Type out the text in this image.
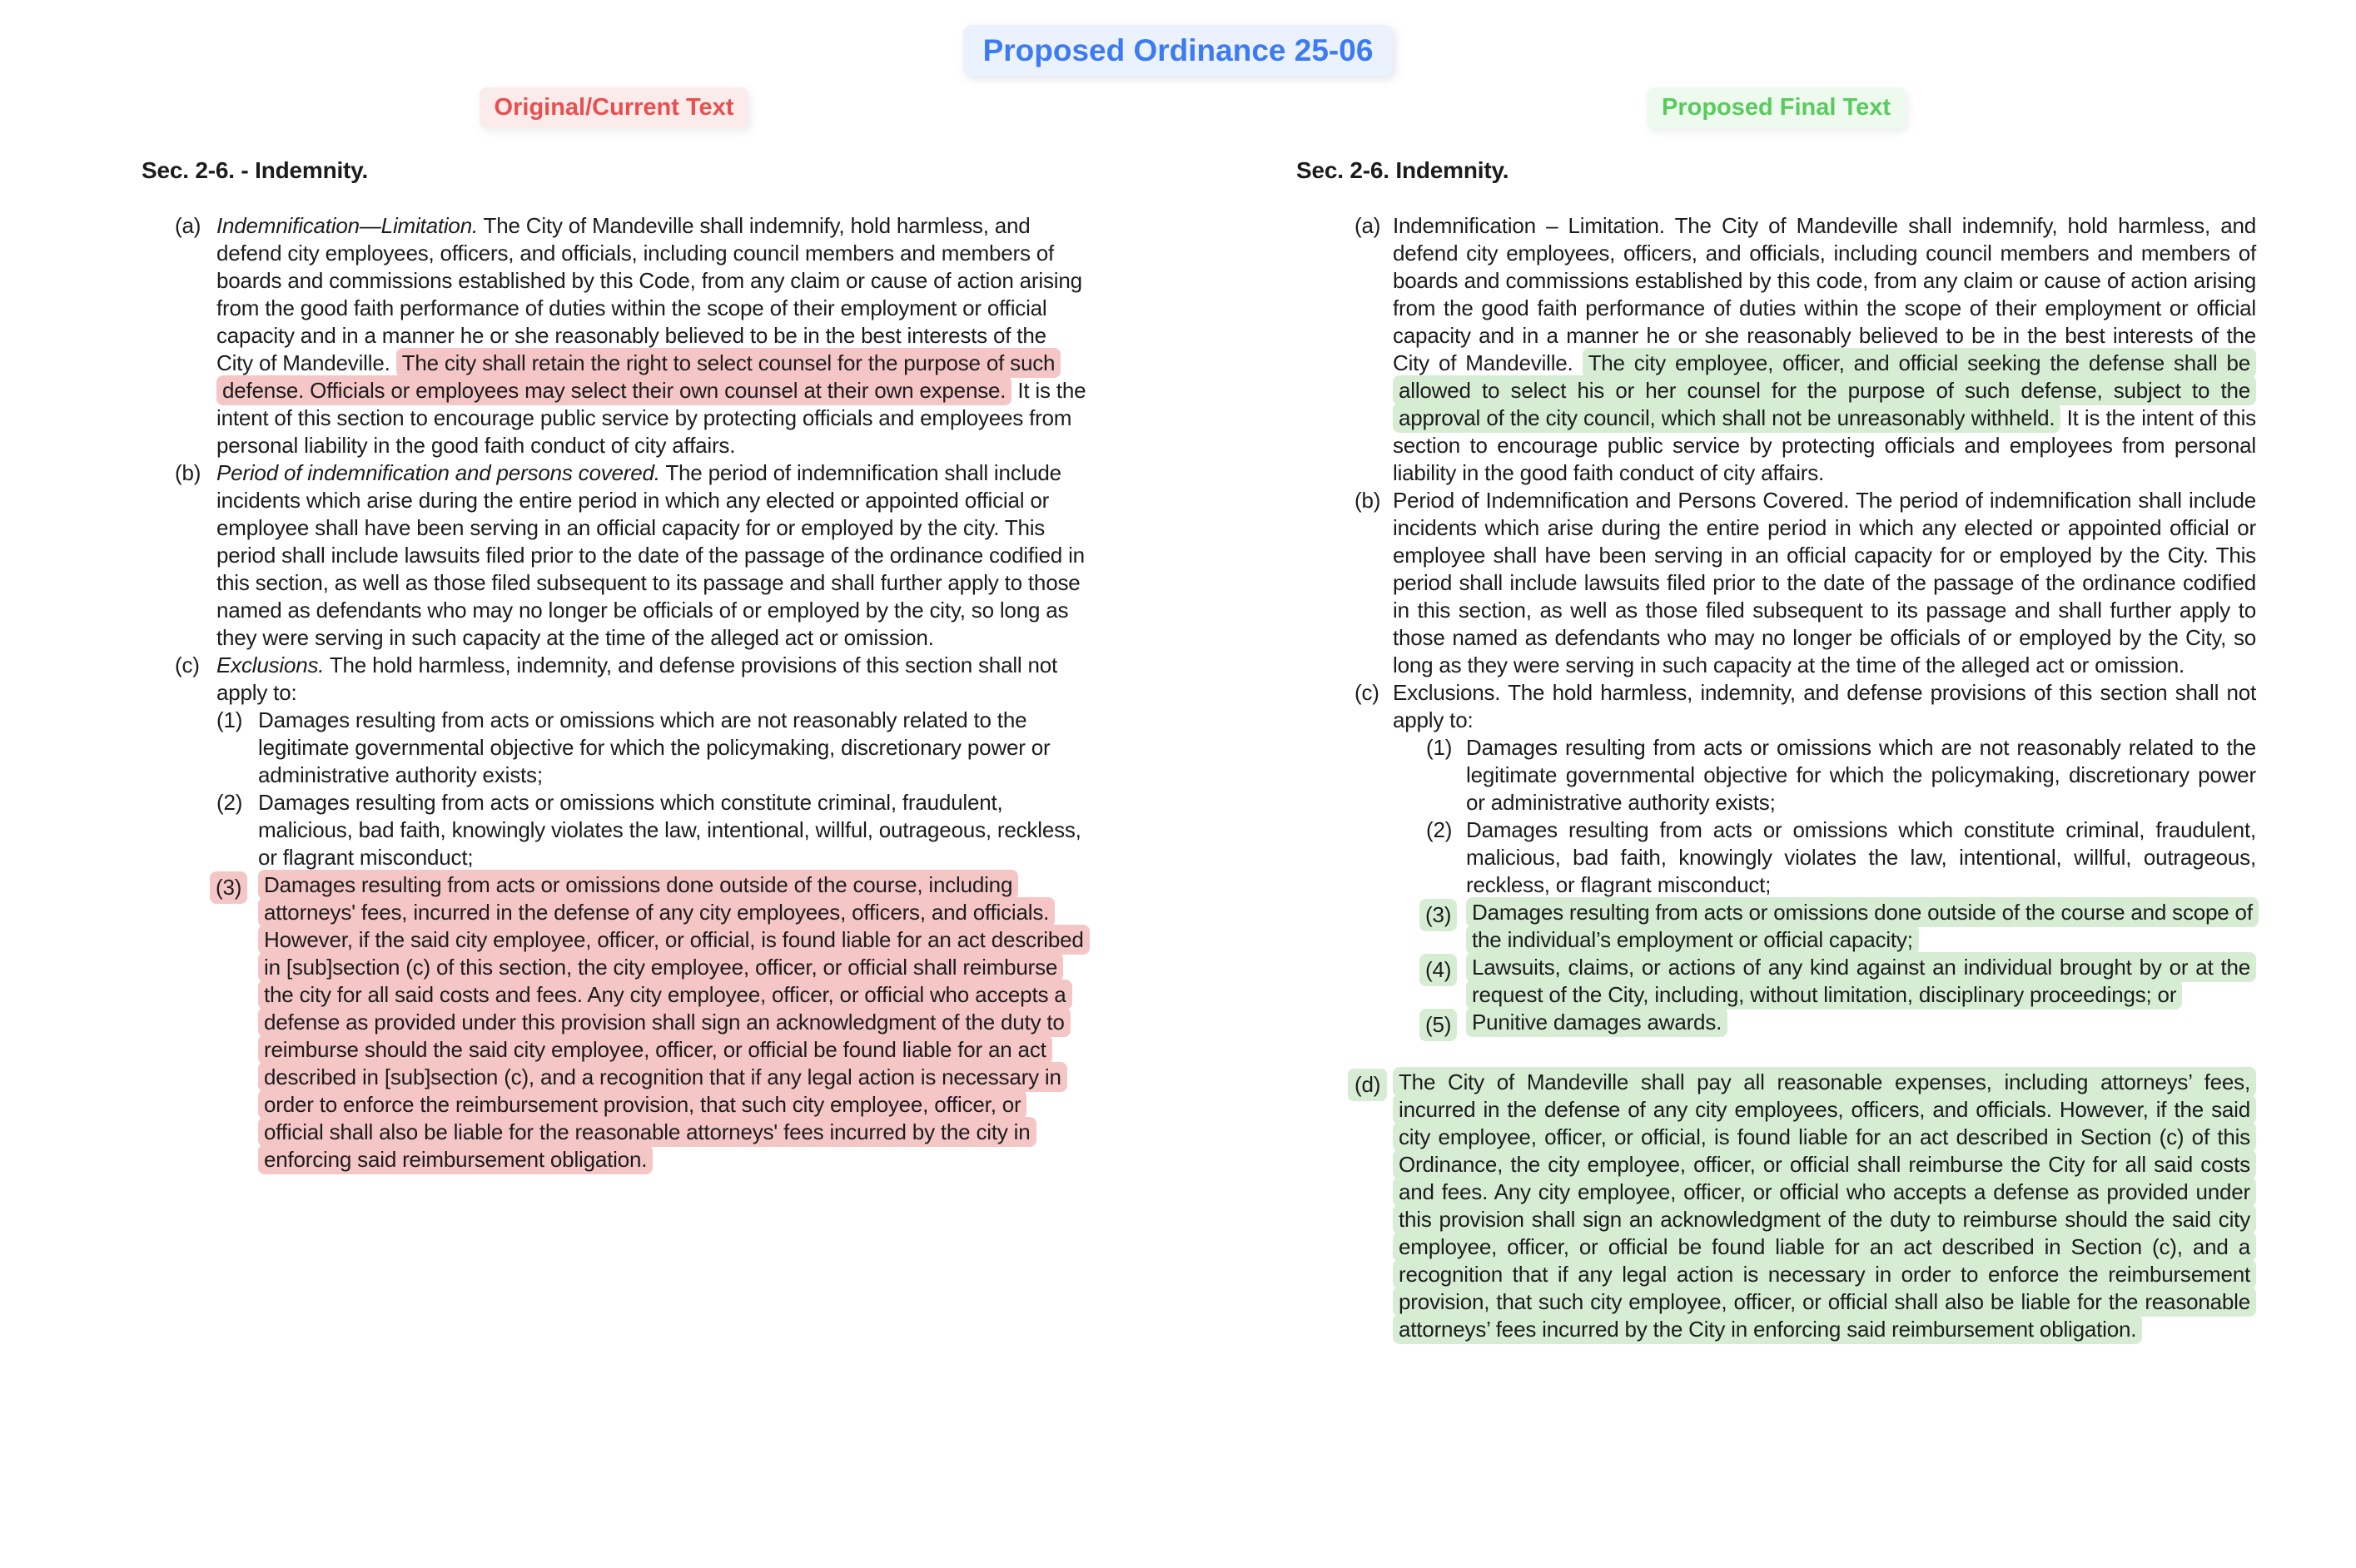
Proposed Ordinance 25-06
Original/Current Text
Sec. 2-6. - Indemnity.
(a) Indemnification—Limitation. The City of Mandeville shall indemnify, hold harmless, and defend city employees, officers, and officials, including council members and members of boards and commissions established by this Code, from any claim or cause of action arising from the good faith performance of duties within the scope of their employment or official capacity and in a manner he or she reasonably believed to be in the best interests of the City of Mandeville. The city shall retain the right to select counsel for the purpose of such defense. Officials or employees may select their own counsel at their own expense. It is the intent of this section to encourage public service by protecting officials and employees from personal liability in the good faith conduct of city affairs.
(b) Period of indemnification and persons covered. The period of indemnification shall include incidents which arise during the entire period in which any elected or appointed official or employee shall have been serving in an official capacity for or employed by the city. This period shall include lawsuits filed prior to the date of the passage of the ordinance codified in this section, as well as those filed subsequent to its passage and shall further apply to those named as defendants who may no longer be officials of or employed by the city, so long as they were serving in such capacity at the time of the alleged act or omission.
(c) Exclusions. The hold harmless, indemnity, and defense provisions of this section shall not apply to:
(1) Damages resulting from acts or omissions which are not reasonably related to the legitimate governmental objective for which the policymaking, discretionary power or administrative authority exists;
(2) Damages resulting from acts or omissions which constitute criminal, fraudulent, malicious, bad faith, knowingly violates the law, intentional, willful, outrageous, reckless, or flagrant misconduct;
(3)	Damages resulting from acts or omissions done outside of the course, including attorneys' fees, incurred in the defense of any city employees, officers, and officials. However, if the said city employee, officer, or official, is found liable for an act described in [sub]section (c) of this section, the city employee, officer, or official shall reimburse the city for all said costs and fees. Any city employee, officer, or official who accepts a defense as provided under this provision shall sign an acknowledgment of the duty to reimburse should the said city employee, officer, or official be found liable for an act described in [sub]section (c), and a recognition that if any legal action is necessary in order to enforce the reimbursement provision, that such city employee, officer, or official shall also be liable for the reasonable attorneys' fees incurred by the city in enforcing said reimbursement obligation.
Proposed Final Text
Sec. 2-6. Indemnity.
(a) Indemnification – Limitation. The City of Mandeville shall indemnify, hold harmless, and defend city employees, officers, and officials, including council members and members of boards and commissions established by this code, from any claim or cause of action arising from the good faith performance of duties within the scope of their employment or official capacity and in a manner he or she reasonably believed to be in the best interests of the City of Mandeville. The city employee, officer, and official seeking the defense shall be allowed to select his or her counsel for the purpose of such defense, subject to the approval of the city council, which shall not be unreasonably withheld. It is the intent of this section to encourage public service by protecting officials and employees from personal liability in the good faith conduct of city affairs.
(b) Period of Indemnification and Persons Covered. The period of indemnification shall include incidents which arise during the entire period in which any elected or appointed official or employee shall have been serving in an official capacity for or employed by the City. This period shall include lawsuits filed prior to the date of the passage of the ordinance codified in this section, as well as those filed subsequent to its passage and shall further apply to those named as defendants who may no longer be officials of or employed by the City, so long as they were serving in such capacity at the time of the alleged act or omission.
(c) Exclusions. The hold harmless, indemnity, and defense provisions of this section shall not apply to:
(1) Damages resulting from acts or omissions which are not reasonably related to the legitimate governmental objective for which the policymaking, discretionary power or administrative authority exists;
(2) Damages resulting from acts or omissions which constitute criminal, fraudulent, malicious, bad faith, knowingly violates the law, intentional, willful, outrageous, reckless, or flagrant misconduct;
(3) Damages resulting from acts or omissions done outside of the course and scope of the individual’s employment or official capacity;
(4) Lawsuits, claims, or actions of any kind against an individual brought by or at the request of the City, including, without limitation, disciplinary proceedings; or
(5) Punitive damages awards.
(d) The City of Mandeville shall pay all reasonable expenses, including attorneys’ fees, incurred in the defense of any city employees, officers, and officials. However, if the said city employee, officer, or official, is found liable for an act described in Section (c) of this Ordinance, the city employee, officer, or official shall reimburse the City for all said costs and fees. Any city employee, officer, or official who accepts a defense as provided under this provision shall sign an acknowledgment of the duty to reimburse should the said city employee, officer, or official be found liable for an act described in Section (c), and a recognition that if any legal action is necessary in order to enforce the reimbursement provision, that such city employee, officer, or official shall also be liable for the reasonable attorneys’ fees incurred by the City in enforcing said reimbursement obligation.
